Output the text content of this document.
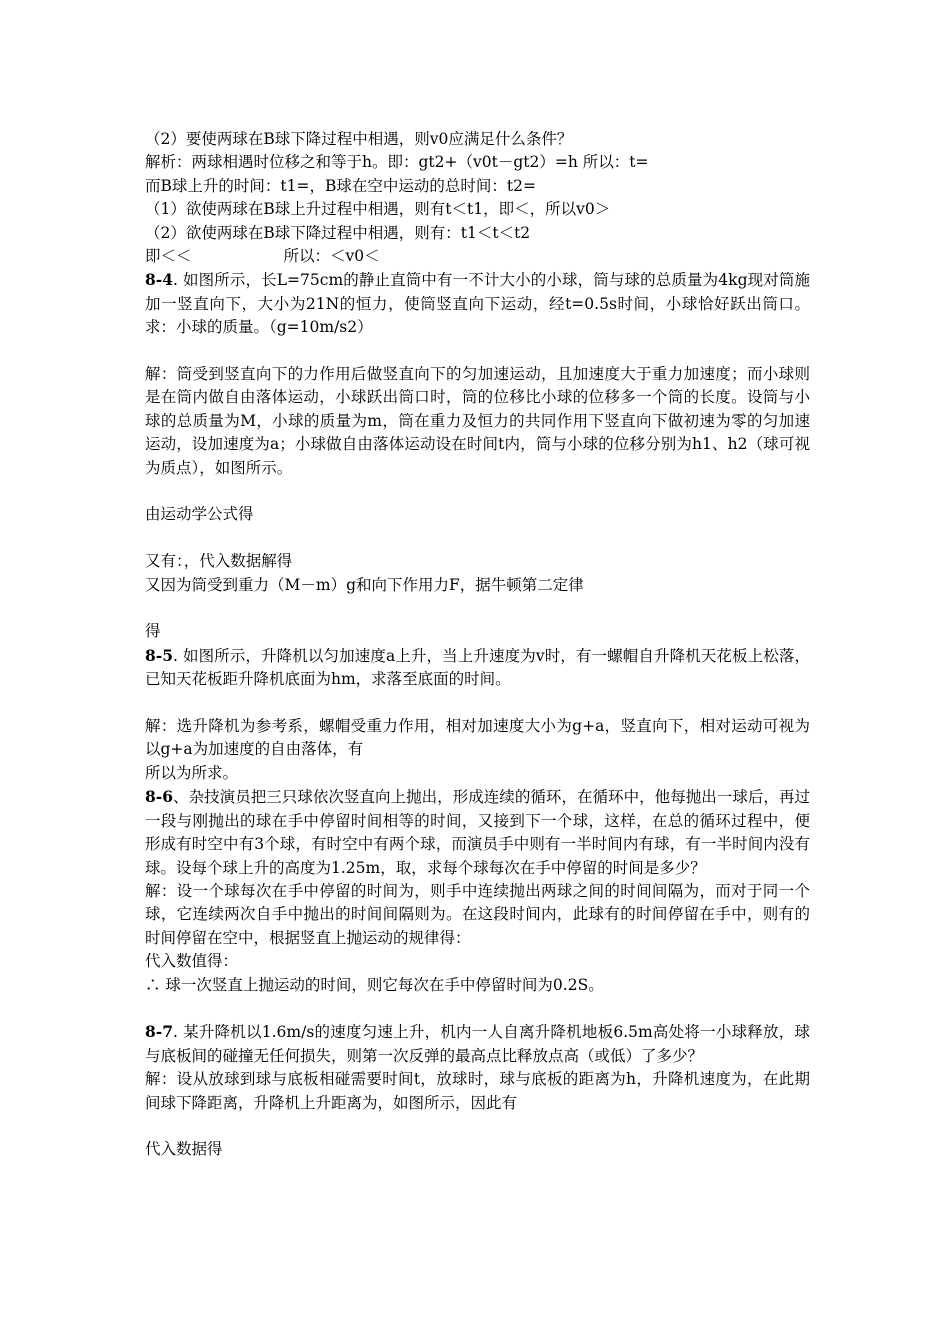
（2）要使两球在B球下降过程中相遇，则v0应满足什么条件？
解析：两球相遇时位移之和等于h。即：gt2+（v0t－gt2）=h 所以：t=
而B球上升的时间：t1=，B球在空中运动的总时间：t2=
（1）欲使两球在B球上升过程中相遇，则有t＜t1，即＜，所以v0＞
（2）欲使两球在B球下降过程中相遇，则有：t1＜t＜t2
即＜＜	所以：＜v0＜
8-4. 如图所示，长L=75cm的静止直筒中有一不计大小的小球，筒与球的总质量为4kg现对筒施加一竖直向下，大小为21N的恒力，使筒竖直向下运动，经t=0.5s时间，小球恰好跃出筒口。求：小球的质量。（g=10m/s2）
解：筒受到竖直向下的力作用后做竖直向下的匀加速运动，且加速度大于重力加速度；而小球则是在筒内做自由落体运动，小球跃出筒口时，筒的位移比小球的位移多一个筒的长度。设筒与小球的总质量为M，小球的质量为m，筒在重力及恒力的共同作用下竖直向下做初速为零的匀加速运动，设加速度为a；小球做自由落体运动设在时间t内，筒与小球的位移分别为h1、h2（球可视为质点），如图所示。
由运动学公式得
又有：，代入数据解得
又因为筒受到重力（M－m）g和向下作用力F，据牛顿第二定律
得
8-5. 如图所示，升降机以匀加速度a上升，当上升速度为v时，有一螺帽自升降机天花板上松落，已知天花板距升降机底面为hm，求落至底面的时间。
解：选升降机为参考系，螺帽受重力作用，相对加速度大小为g+a，竖直向下，相对运动可视为以g+a为加速度的自由落体，有
所以为所求。
8-6、杂技演员把三只球依次竖直向上抛出，形成连续的循环，在循环中，他每抛出一球后，再过一段与刚抛出的球在手中停留时间相等的时间，又接到下一个球，这样，在总的循环过程中，便形成有时空中有3个球，有时空中有两个球，而演员手中则有一半时间内有球，有一半时间内没有球。设每个球上升的高度为1.25m，取，求每个球每次在手中停留的时间是多少？
解：设一个球每次在手中停留的时间为，则手中连续抛出两球之间的时间间隔为，而对于同一个球，它连续两次自手中抛出的时间间隔则为。在这段时间内，此球有的时间停留在手中，则有的时间停留在空中，根据竖直上抛运动的规律得：
代入数值得：
∴ 球一次竖直上抛运动的时间，则它每次在手中停留时间为0.2S。
8-7. 某升降机以1.6m/s的速度匀速上升，机内一人自离升降机地板6.5m高处将一小球释放，球与底板间的碰撞无任何损失，则第一次反弹的最高点比释放点高（或低）了多少？
解：设从放球到球与底板相碰需要时间t，放球时，球与底板的距离为h，升降机速度为，在此期间球下降距离，升降机上升距离为，如图所示，因此有
代入数据得
